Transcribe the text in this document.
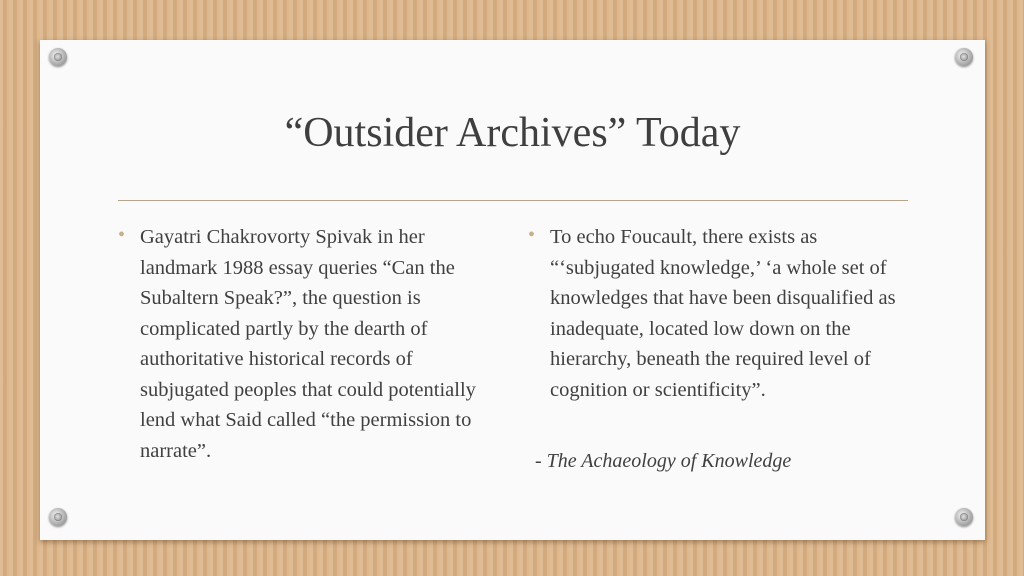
“Outsider Archives” Today
• Gayatri Chakrovorty Spivak in her landmark 1988 essay queries “Can the Subaltern Speak?”, the question is complicated partly by the dearth of authoritative historical records of subjugated peoples that could potentially lend what Said called “the permission to narrate”.
• To echo Foucault, there exists as “‘subjugated knowledge,’ ‘a whole set of knowledges that have been disqualified as inadequate, located low down on the hierarchy, beneath the required level of cognition or scientificity”.
- The Achaeology of Knowledge
